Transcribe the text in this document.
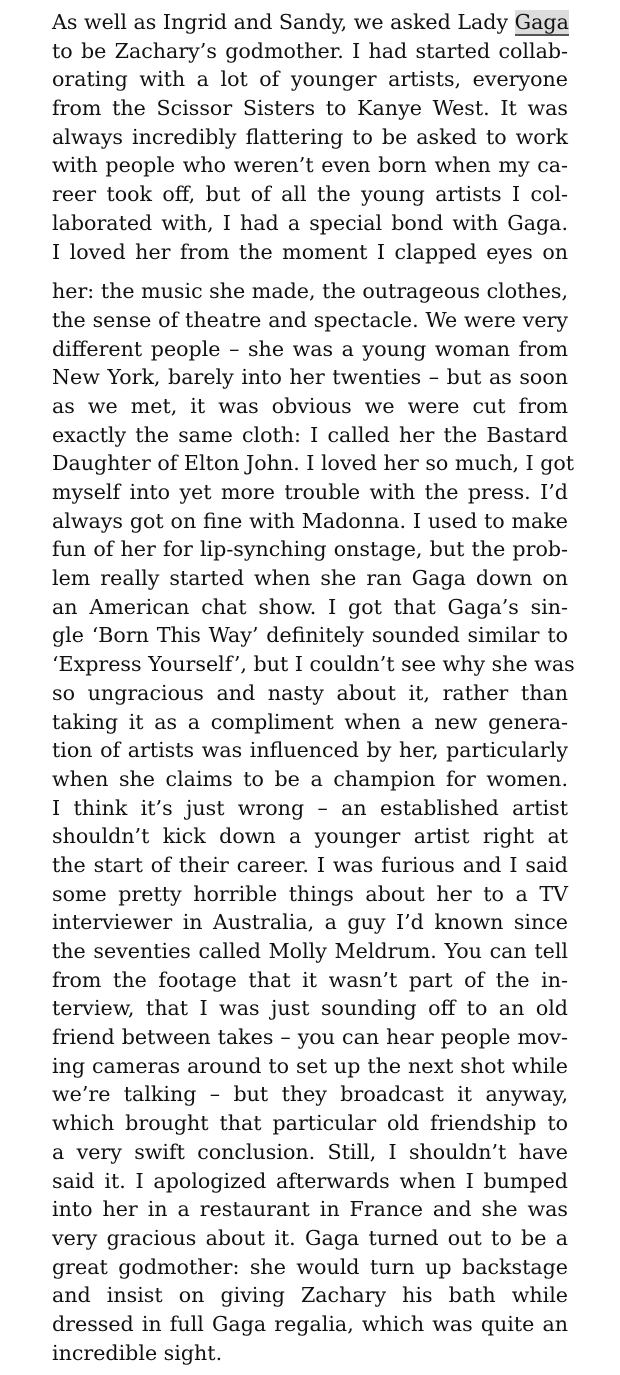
As well as Ingrid and Sandy, we asked Lady Gaga
to be Zachary’s godmother. I had started collab-
orating with a lot of younger artists, everyone
from the Scissor Sisters to Kanye West. It was
always incredibly flattering to be asked to work
with people who weren’t even born when my ca-
reer took off, but of all the young artists I col-
laborated with, I had a special bond with Gaga.
I loved her from the moment I clapped eyes on
her: the music she made, the outrageous clothes,
the sense of theatre and spectacle. We were very
different people – she was a young woman from
New York, barely into her twenties – but as soon
as we met, it was obvious we were cut from
exactly the same cloth: I called her the Bastard
Daughter of Elton John. I loved her so much, I got
myself into yet more trouble with the press. I’d
always got on fine with Madonna. I used to make
fun of her for lip-synching onstage, but the prob-
lem really started when she ran Gaga down on
an American chat show. I got that Gaga’s sin-
gle ‘Born This Way’ definitely sounded similar to
‘Express Yourself’, but I couldn’t see why she was
so ungracious and nasty about it, rather than
taking it as a compliment when a new genera-
tion of artists was influenced by her, particularly
when she claims to be a champion for women.
I think it’s just wrong – an established artist
shouldn’t kick down a younger artist right at
the start of their career. I was furious and I said
some pretty horrible things about her to a TV
interviewer in Australia, a guy I’d known since
the seventies called Molly Meldrum. You can tell
from the footage that it wasn’t part of the in-
terview, that I was just sounding off to an old
friend between takes – you can hear people mov-
ing cameras around to set up the next shot while
we’re talking – but they broadcast it anyway,
which brought that particular old friendship to
a very swift conclusion. Still, I shouldn’t have
said it. I apologized afterwards when I bumped
into her in a restaurant in France and she was
very gracious about it. Gaga turned out to be a
great godmother: she would turn up backstage
and insist on giving Zachary his bath while
dressed in full Gaga regalia, which was quite an
incredible sight.
